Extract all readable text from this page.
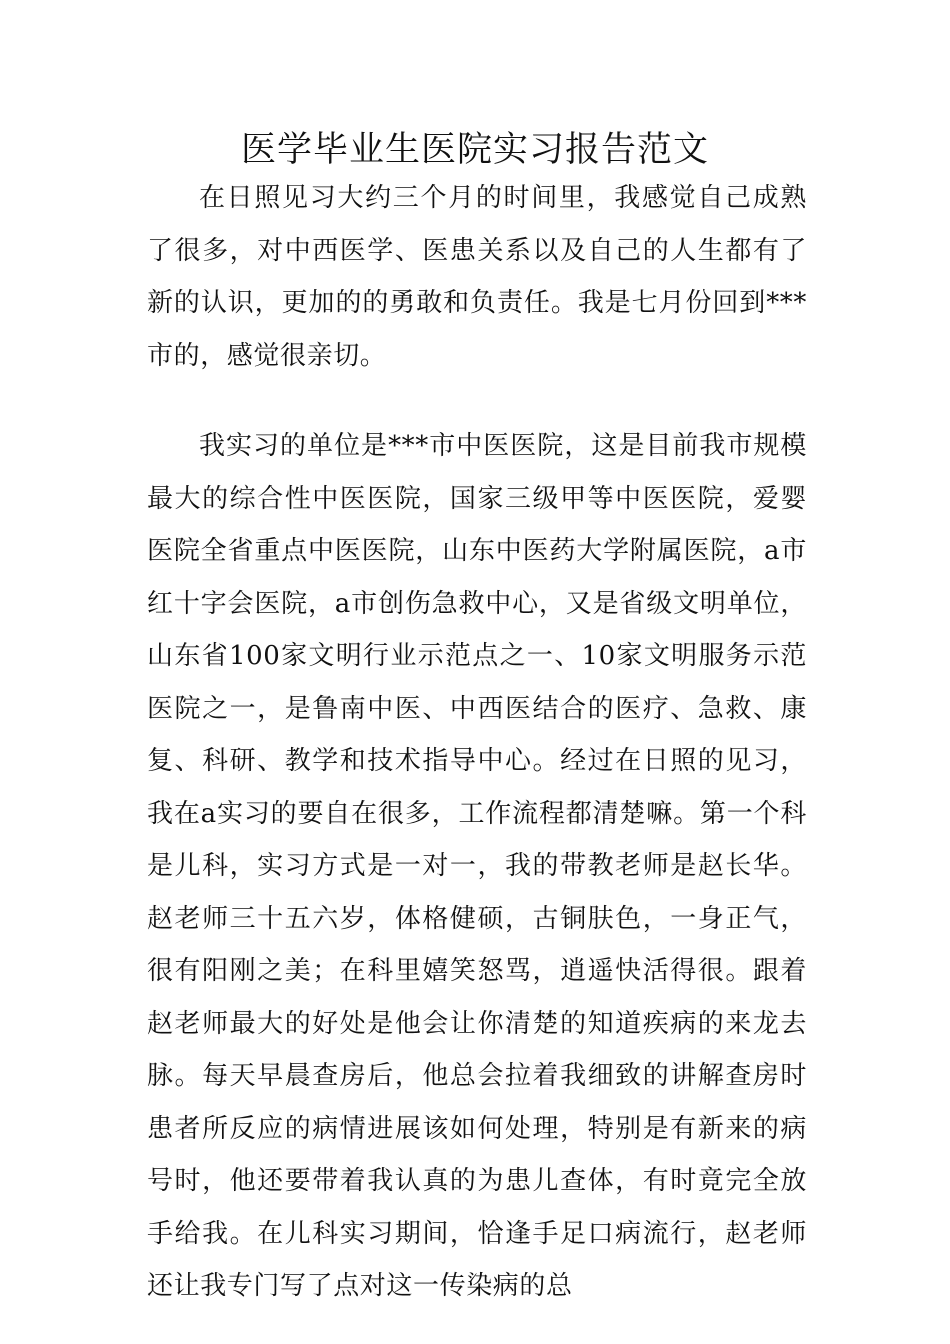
医学毕业生医院实习报告范文

在日照见习大约三个月的时间里，我感觉自己成熟了很多，对中西医学、医患关系以及自己的人生都有了新的认识，更加的的勇敢和负责任。我是七月份回到***市的，感觉很亲切。

我实习的单位是***市中医医院，这是目前我市规模最大的综合性中医医院，国家三级甲等中医医院，爱婴医院全省重点中医医院，山东中医药大学附属医院，a市红十字会医院，a市创伤急救中心，又是省级文明单位，山东省100家文明行业示范点之一、10家文明服务示范医院之一，是鲁南中医、中西医结合的医疗、急救、康复、科研、教学和技术指导中心。经过在日照的见习，我在a实习的要自在很多，工作流程都清楚嘛。第一个科是儿科，实习方式是一对一，我的带教老师是赵长华。赵老师三十五六岁，体格健硕，古铜肤色，一身正气，很有阳刚之美；在科里嬉笑怒骂，逍遥快活得很。跟着赵老师最大的好处是他会让你清楚的知道疾病的来龙去脉。每天早晨查房后，他总会拉着我细致的讲解查房时患者所反应的病情进展该如何处理，特别是有新来的病号时，他还要带着我认真的为患儿查体，有时竟完全放手给我。在儿科实习期间，恰逢手足口病流行，赵老师还让我专门写了点对这一传染病的总
